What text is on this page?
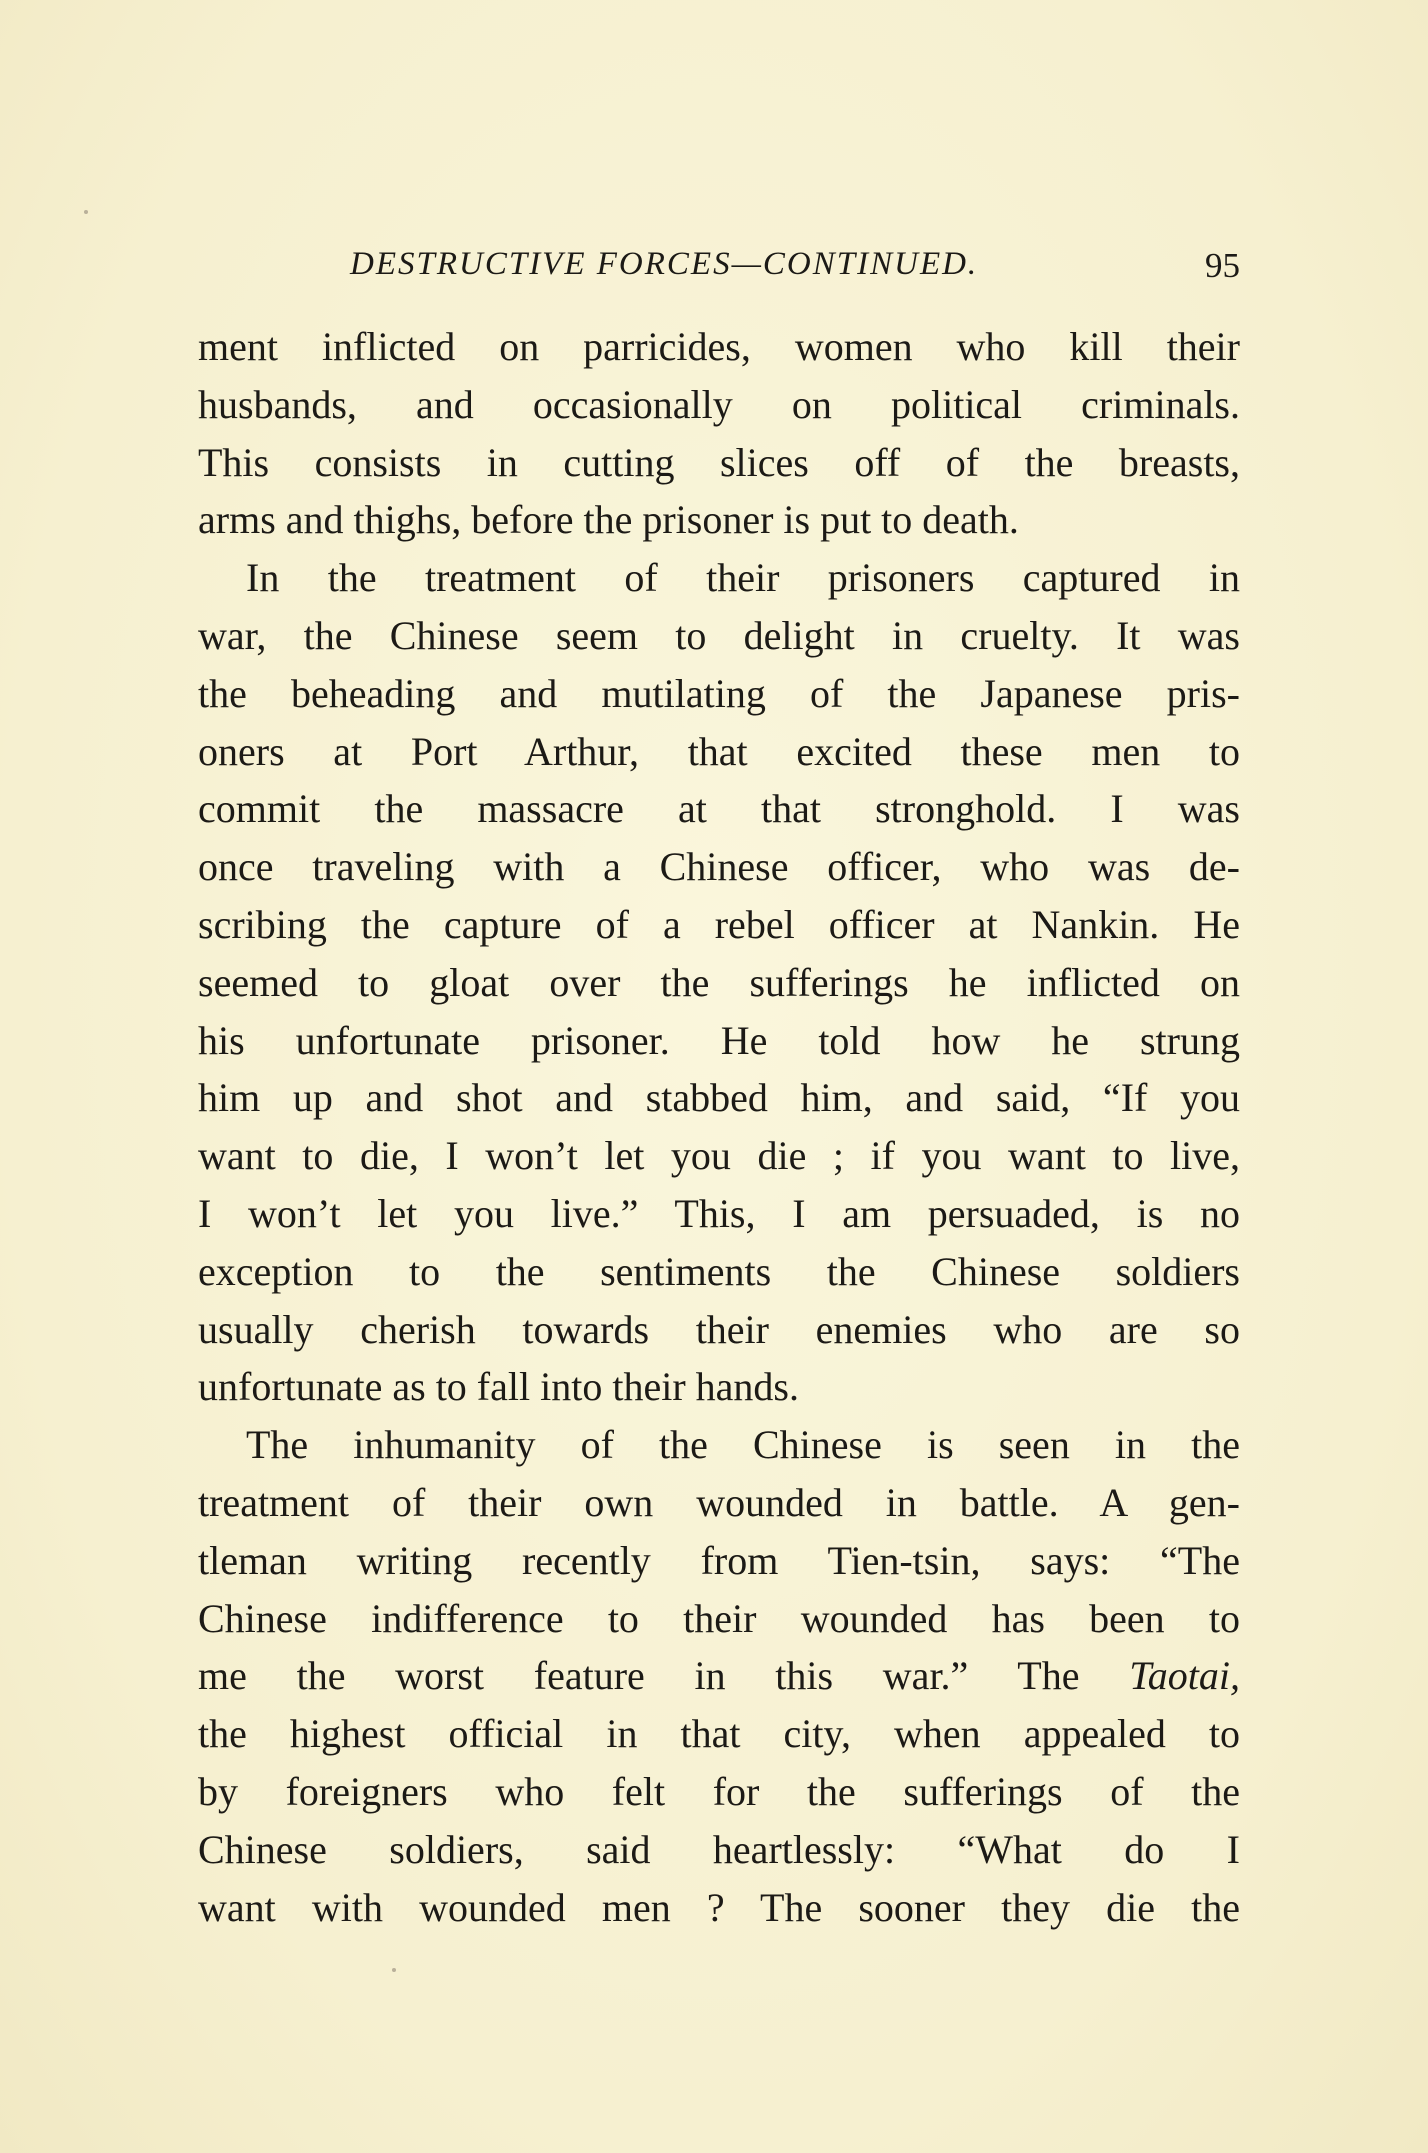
DESTRUCTIVE FORCES—CONTINUED.	95
ment inflicted on parricides, women who kill their
husbands, and occasionally on political criminals.
This consists in cutting slices off of the breasts,
arms and thighs, before the prisoner is put to death.
In the treatment of their prisoners captured in
war, the Chinese seem to delight in cruelty. It was
the beheading and mutilating of the Japanese pris-
oners at Port Arthur, that excited these men to
commit the massacre at that stronghold. I was
once traveling with a Chinese officer, who was de-
scribing the capture of a rebel officer at Nankin. He
seemed to gloat over the sufferings he inflicted on
his unfortunate prisoner. He told how he strung
him up and shot and stabbed him, and said, “If you
want to die, I won’t let you die ; if you want to live,
I won’t let you live.” This, I am persuaded, is no
exception to the sentiments the Chinese soldiers
usually cherish towards their enemies who are so
unfortunate as to fall into their hands.
The inhumanity of the Chinese is seen in the
treatment of their own wounded in battle. A gen-
tleman writing recently from Tien-tsin, says: “The
Chinese indifference to their wounded has been to
me the worst feature in this war.” The Taotai,
the highest official in that city, when appealed to
by foreigners who felt for the sufferings of the
Chinese soldiers, said heartlessly: “What do I
want with wounded men ? The sooner they die the
